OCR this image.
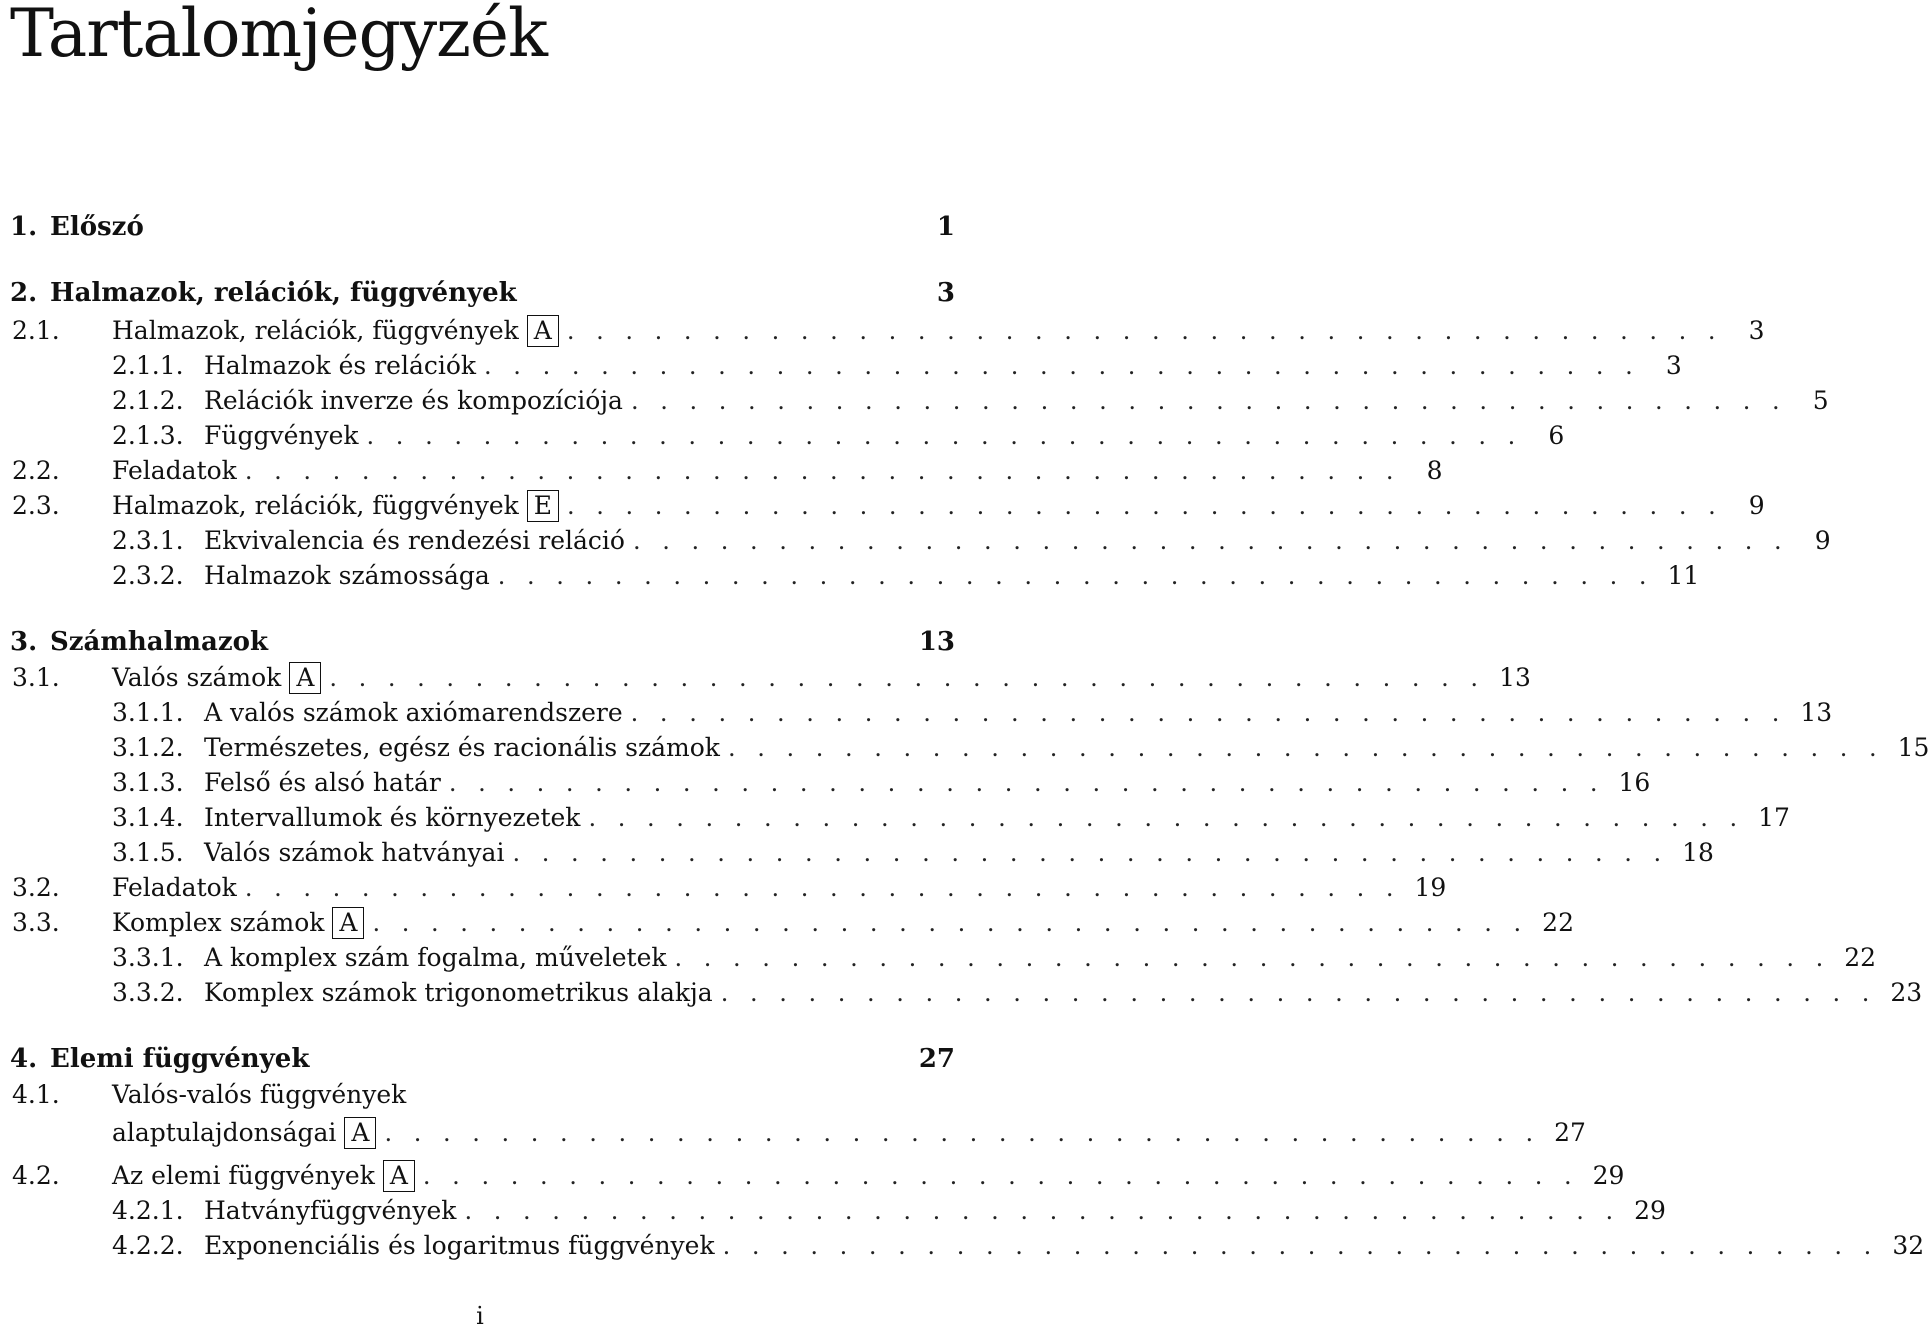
Tartalomjegyzék
1. Előszó	1
2. Halmazok, relációk, függvények	3
2.1.	Halmazok, relációk, függvények A . . . . . . . . . . . . . . . . . . . . . . . . . . . . . . . . . . . . . . . .	3
2.1.1. Halmazok és relációk . . . . . . . . . . . . . . . . . . . . . . . . . . . . . . . . . . . . . . . .	3
2.1.2. Relációk inverze és kompozíciója . . . . . . . . . . . . . . . . . . . . . . . . . . . . . . . . . . . . . . . .	5
2.1.3. Függvények . . . . . . . . . . . . . . . . . . . . . . . . . . . . . . . . . . . . . . . .	6
2.2.	Feladatok . . . . . . . . . . . . . . . . . . . . . . . . . . . . . . . . . . . . . . . .	8
2.3.	Halmazok, relációk, függvények E . . . . . . . . . . . . . . . . . . . . . . . . . . . . . . . . . . . . . . . .	9
2.3.1. Ekvivalencia és rendezési reláció . . . . . . . . . . . . . . . . . . . . . . . . . . . . . . . . . . . . . . . .	9
2.3.2. Halmazok számossága . . . . . . . . . . . . . . . . . . . . . . . . . . . . . . . . . . . . . . . . 11
3. Számhalmazok	13
3.1.	Valós számok A . . . . . . . . . . . . . . . . . . . . . . . . . . . . . . . . . . . . . . . . 13
3.1.1. A valós számok axiómarendszere . . . . . . . . . . . . . . . . . . . . . . . . . . . . . . . . . . . . . . . . 13
3.1.2. Természetes, egész és racionális számok . . . . . . . . . . . . . . . . . . . . . . . . . . . . . . . . . . . . . . . . 15
3.1.3. Felső és alsó határ . . . . . . . . . . . . . . . . . . . . . . . . . . . . . . . . . . . . . . . . 16
3.1.4. Intervallumok és környezetek . . . . . . . . . . . . . . . . . . . . . . . . . . . . . . . . . . . . . . . . 17
3.1.5. Valós számok hatványai . . . . . . . . . . . . . . . . . . . . . . . . . . . . . . . . . . . . . . . . 18
3.2.	Feladatok . . . . . . . . . . . . . . . . . . . . . . . . . . . . . . . . . . . . . . . . 19
3.3.	Komplex számok A . . . . . . . . . . . . . . . . . . . . . . . . . . . . . . . . . . . . . . . . 22
3.3.1. A komplex szám fogalma, műveletek . . . . . . . . . . . . . . . . . . . . . . . . . . . . . . . . . . . . . . . . 22
3.3.2. Komplex számok trigonometrikus alakja . . . . . . . . . . . . . . . . . . . . . . . . . . . . . . . . . . . . . . . . 23
4. Elemi függvények	27
4.1. Valós-valós függvények
alaptulajdonságai A . . . . . . . . . . . . . . . . . . . . . . . . . . . . . . . . . . . . . . . . 27
4.2.	Az elemi függvények A . . . . . . . . . . . . . . . . . . . . . . . . . . . . . . . . . . . . . . . . 29
4.2.1. Hatványfüggvények . . . . . . . . . . . . . . . . . . . . . . . . . . . . . . . . . . . . . . . . 29
4.2.2. Exponenciális és logaritmus függvények . . . . . . . . . . . . . . . . . . . . . . . . . . . . . . . . . . . . . . . . 32
i
